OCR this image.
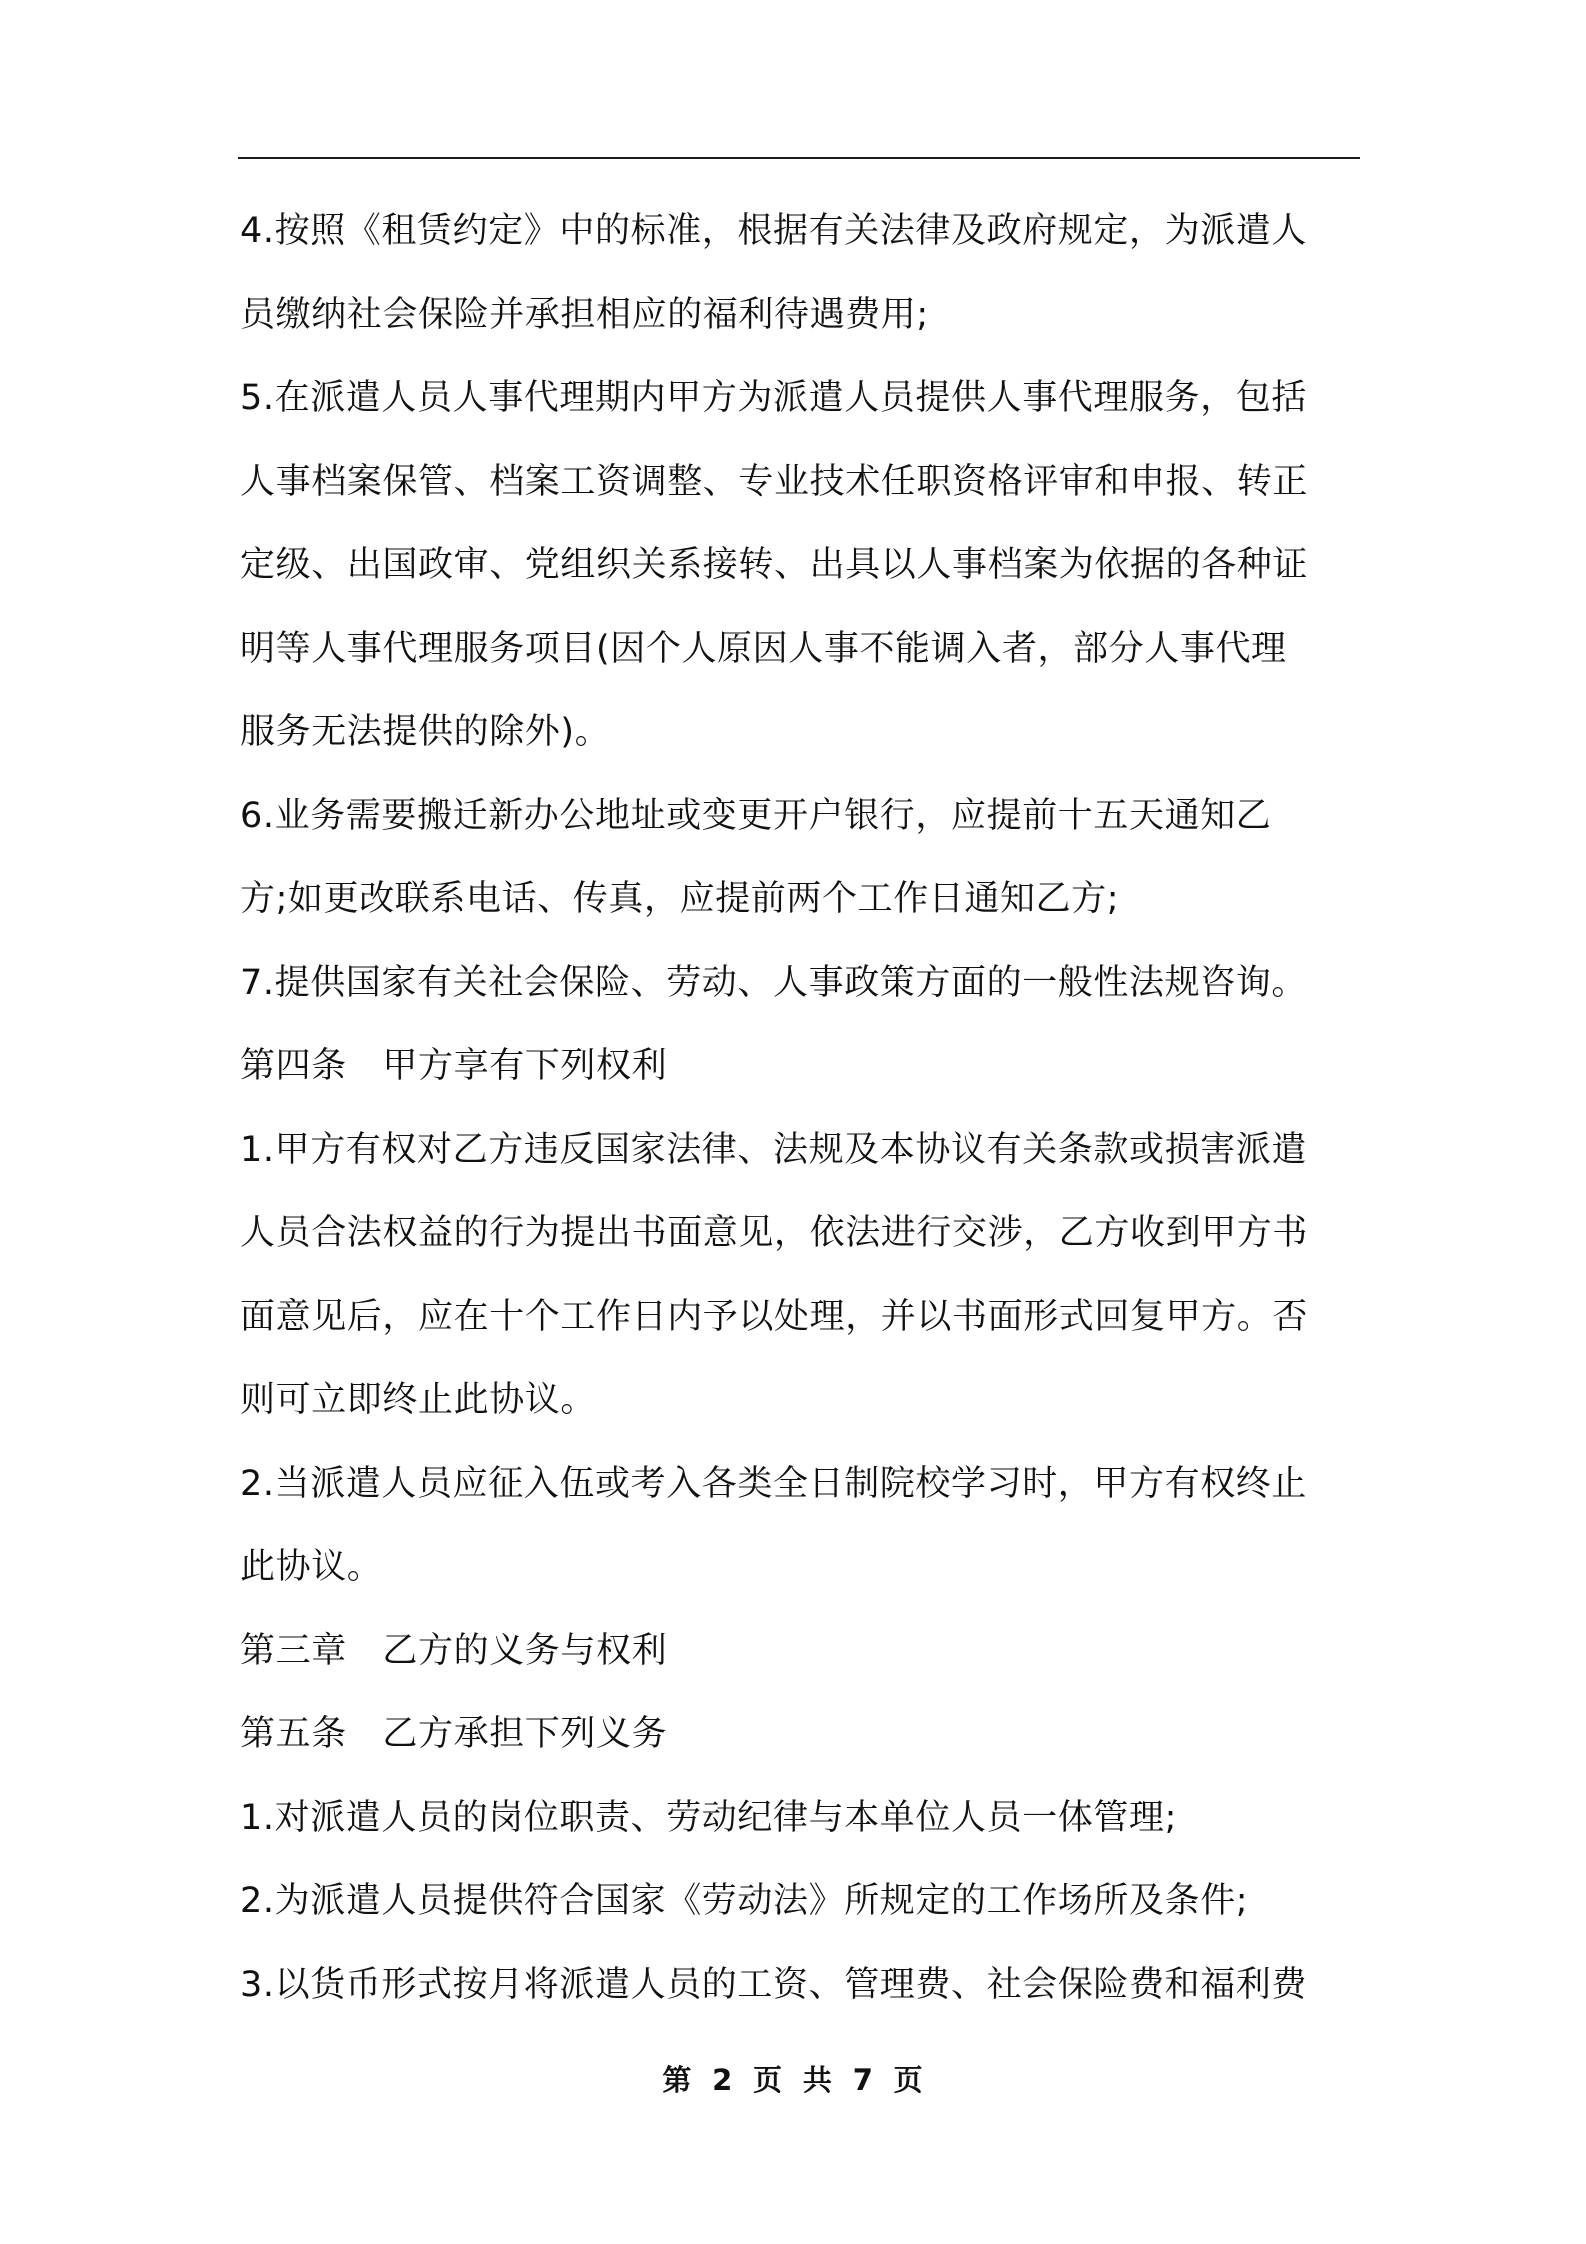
4.按照《租赁约定》中的标准，根据有关法律及政府规定，为派遣人
员缴纳社会保险并承担相应的福利待遇费用;
5.在派遣人员人事代理期内甲方为派遣人员提供人事代理服务，包括
人事档案保管、档案工资调整、专业技术任职资格评审和申报、转正
定级、出国政审、党组织关系接转、出具以人事档案为依据的各种证
明等人事代理服务项目(因个人原因人事不能调入者，部分人事代理
服务无法提供的除外)。
6.业务需要搬迁新办公地址或变更开户银行，应提前十五天通知乙
方;如更改联系电话、传真，应提前两个工作日通知乙方;
7.提供国家有关社会保险、劳动、人事政策方面的一般性法规咨询。
第四条　甲方享有下列权利
1.甲方有权对乙方违反国家法律、法规及本协议有关条款或损害派遣
人员合法权益的行为提出书面意见，依法进行交涉，乙方收到甲方书
面意见后，应在十个工作日内予以处理，并以书面形式回复甲方。否
则可立即终止此协议。
2.当派遣人员应征入伍或考入各类全日制院校学习时，甲方有权终止
此协议。
第三章　乙方的义务与权利
第五条　乙方承担下列义务
1.对派遣人员的岗位职责、劳动纪律与本单位人员一体管理;
2.为派遣人员提供符合国家《劳动法》所规定的工作场所及条件;
3.以货币形式按月将派遣人员的工资、管理费、社会保险费和福利费
第 2 页 共 7 页
